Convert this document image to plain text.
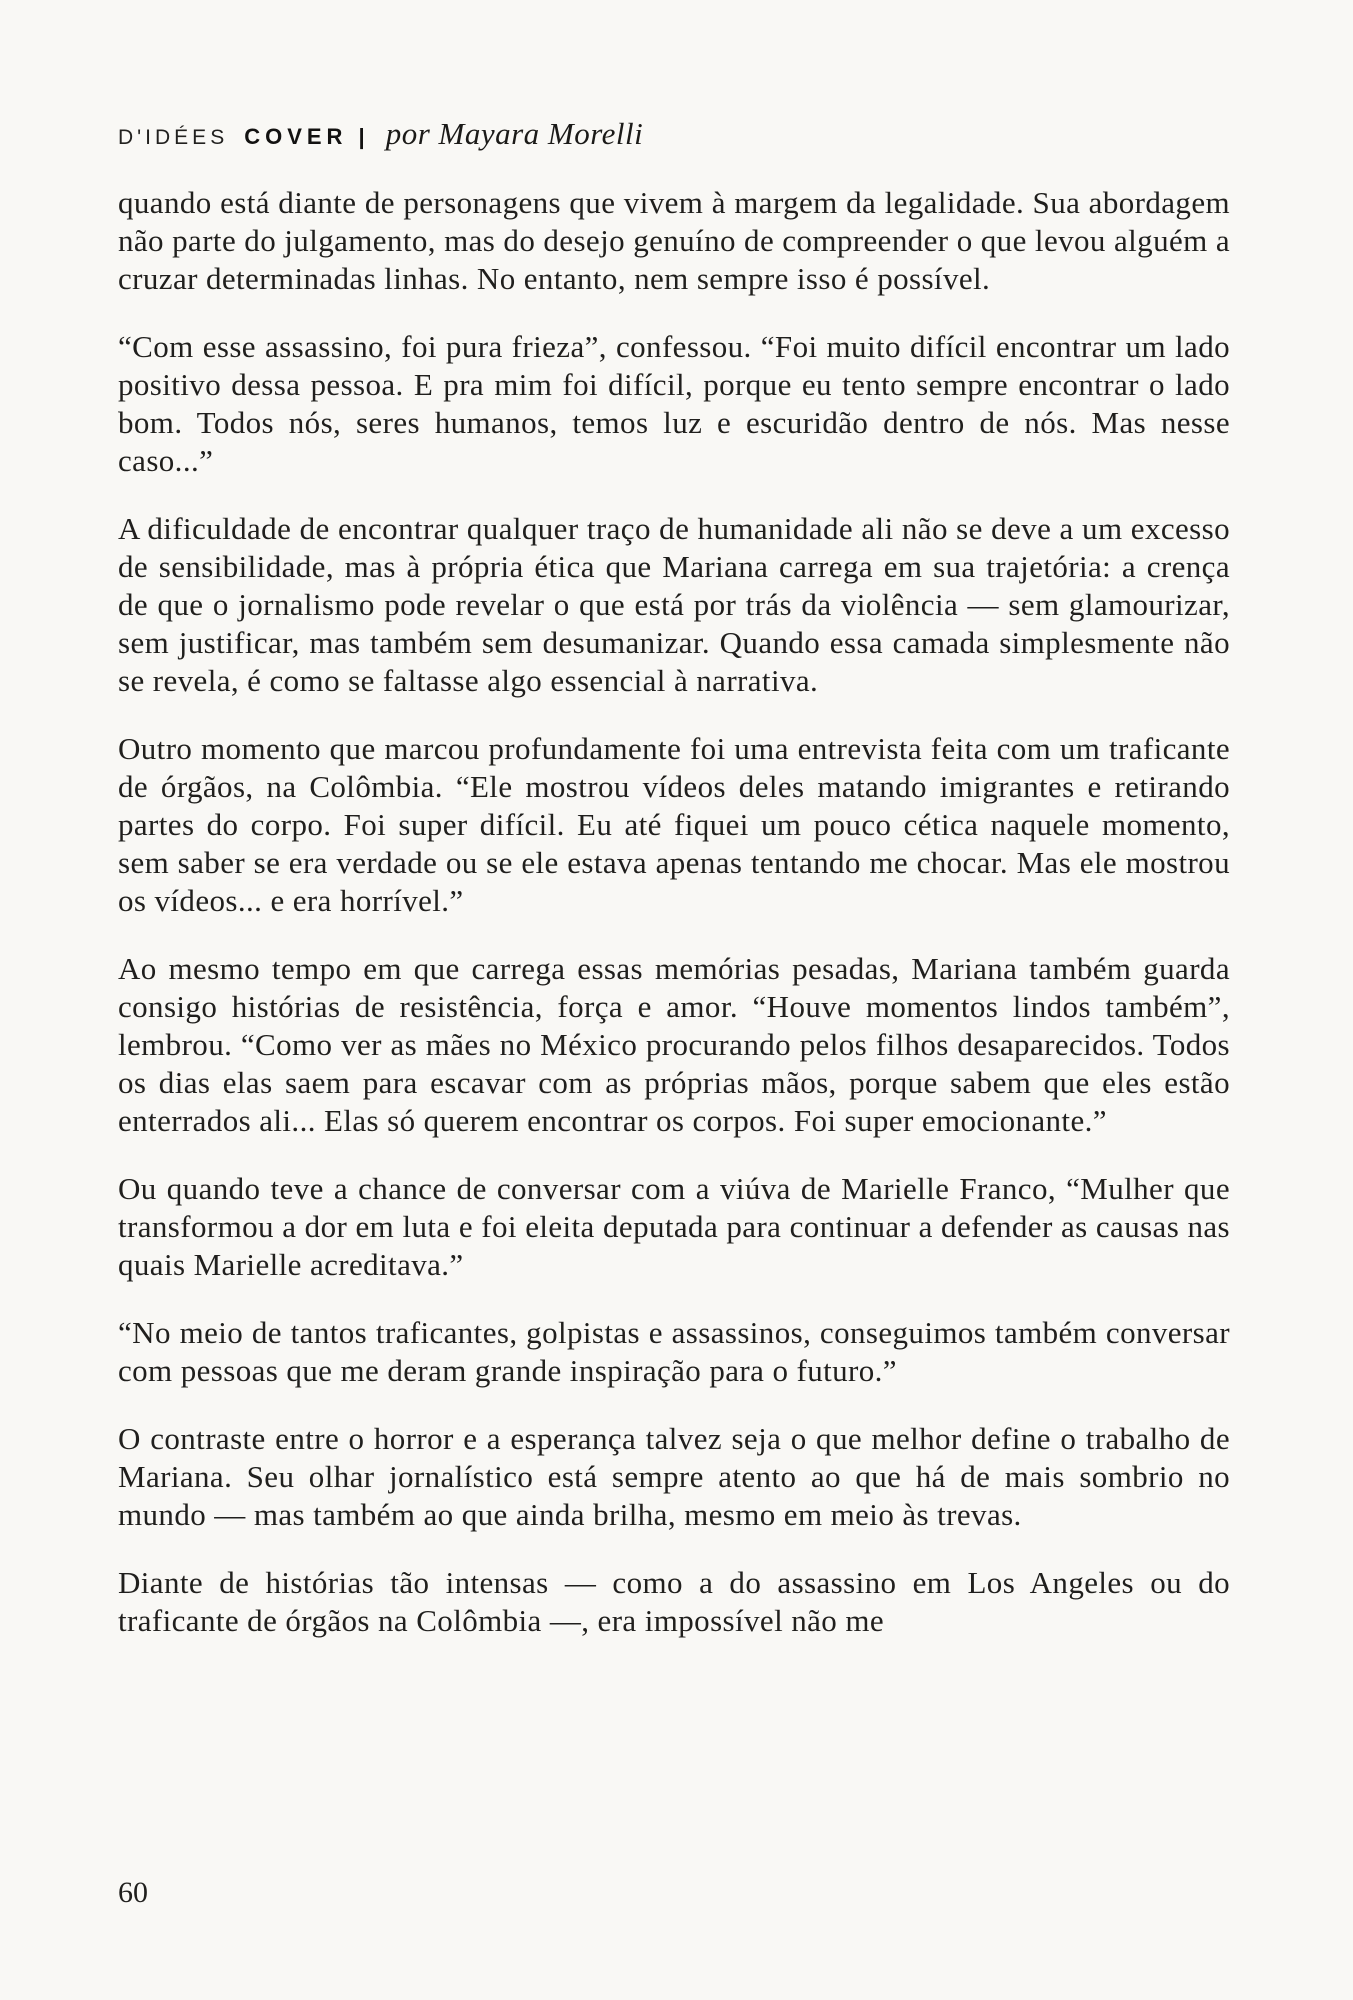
D'IDÉES COVER | por Mayara Morelli

quando está diante de personagens que vivem à margem da legalidade. Sua abordagem não parte do julgamento, mas do desejo genuíno de compreender o que levou alguém a cruzar determinadas linhas. No entanto, nem sempre isso é possível.

“Com esse assassino, foi pura frieza”, confessou. “Foi muito difícil encontrar um lado positivo dessa pessoa. E pra mim foi difícil, porque eu tento sempre encontrar o lado bom. Todos nós, seres humanos, temos luz e escuridão dentro de nós. Mas nesse caso...”

A dificuldade de encontrar qualquer traço de humanidade ali não se deve a um excesso de sensibilidade, mas à própria ética que Mariana carrega em sua trajetória: a crença de que o jornalismo pode revelar o que está por trás da violência — sem glamourizar, sem justificar, mas também sem desumanizar. Quando essa camada simplesmente não se revela, é como se faltasse algo essencial à narrativa.

Outro momento que marcou profundamente foi uma entrevista feita com um traficante de órgãos, na Colômbia. “Ele mostrou vídeos deles matando imigrantes e retirando partes do corpo. Foi super difícil. Eu até fiquei um pouco cética naquele momento, sem saber se era verdade ou se ele estava apenas tentando me chocar. Mas ele mostrou os vídeos... e era horrível.”

Ao mesmo tempo em que carrega essas memórias pesadas, Mariana também guarda consigo histórias de resistência, força e amor. “Houve momentos lindos também”, lembrou. “Como ver as mães no México procurando pelos filhos desaparecidos. Todos os dias elas saem para escavar com as próprias mãos, porque sabem que eles estão enterrados ali... Elas só querem encontrar os corpos. Foi super emocionante.”

Ou quando teve a chance de conversar com a viúva de Marielle Franco, “Mulher que transformou a dor em luta e foi eleita deputada para continuar a defender as causas nas quais Marielle acreditava.”

“No meio de tantos traficantes, golpistas e assassinos, conseguimos também conversar com pessoas que me deram grande inspiração para o futuro.”

O contraste entre o horror e a esperança talvez seja o que melhor define o trabalho de Mariana. Seu olhar jornalístico está sempre atento ao que há de mais sombrio no mundo — mas também ao que ainda brilha, mesmo em meio às trevas.

Diante de histórias tão intensas — como a do assassino em Los Angeles ou do traficante de órgãos na Colômbia —, era impossível não me

60
